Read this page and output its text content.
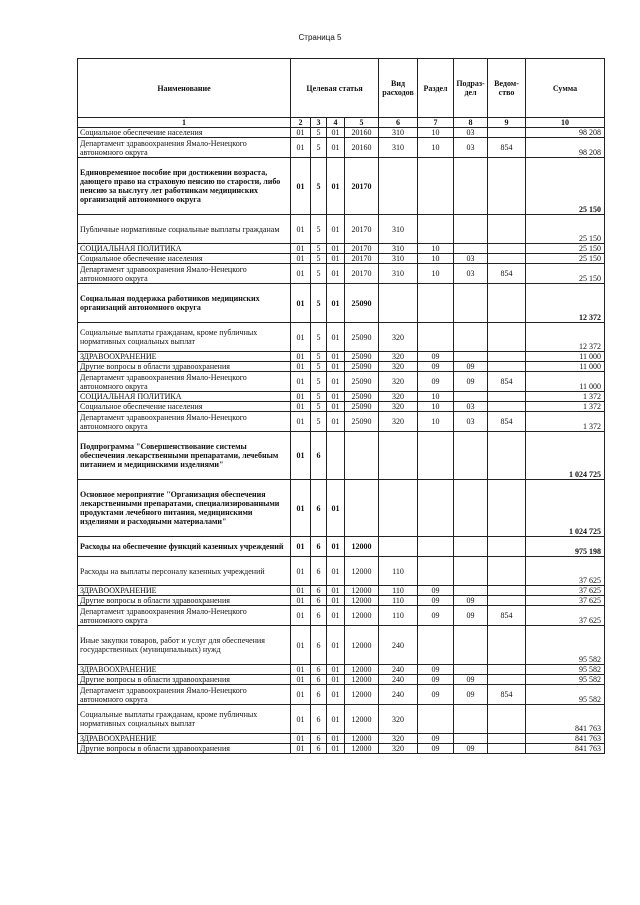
Страница 5
Наименование	Целевая статья				Вид расходов	Раздел	Подраз- дел	Ведом- ство	Сумма
1	2	3	4	5	6	7	8	9	10
Социальное обеспечение населения	01	5	01	20160	310	10	03		98 208
Департамент здравоохранения Ямало-Ненецкого автономного округа	01	5	01	20160	310	10	03	854	98 208
Единовременное пособие при достижении возраста, дающего право на страховую пенсию по старости, либо пенсию за выслугу лет работникам медицинских организаций автономного округа	01	5	01	20170					25 150
Публичные нормативные социальные выплаты гражданам	01	5	01	20170	310				25 150
СОЦИАЛЬНАЯ ПОЛИТИКА	01	5	01	20170	310	10			25 150
Социальное обеспечение населения	01	5	01	20170	310	10	03		25 150
Департамент здравоохранения Ямало-Ненецкого автономного округа	01	5	01	20170	310	10	03	854	25 150
Социальная поддержка работников медицинских организаций автономного округа	01	5	01	25090					12 372
Социальные выплаты гражданам, кроме публичных нормативных социальных выплат	01	5	01	25090	320				12 372
ЗДРАВООХРАНЕНИЕ	01	5	01	25090	320	09			11 000
Другие вопросы в области здравоохранения	01	5	01	25090	320	09	09		11 000
Департамент здравоохранения Ямало-Ненецкого автономного округа	01	5	01	25090	320	09	09	854	11 000
СОЦИАЛЬНАЯ ПОЛИТИКА	01	5	01	25090	320	10			1 372
Социальное обеспечение населения	01	5	01	25090	320	10	03		1 372
Департамент здравоохранения Ямало-Ненецкого автономного округа	01	5	01	25090	320	10	03	854	1 372
Подпрограмма "Совершенствование системы обеспечения лекарственными препаратами, лечебным питанием и медицинскими изделиями"	01	6							1 024 725
Основное мероприятие "Организация обеспечения лекарственными препаратами, специализированными продуктами лечебного питания, медицинскими изделиями и расходными материалами"	01	6	01						1 024 725
Расходы на обеспечение функций казенных учреждений	01	6	01	12000					975 198
Расходы на выплаты персоналу казенных учреждений	01	6	01	12000	110				37 625
ЗДРАВООХРАНЕНИЕ	01	6	01	12000	110	09			37 625
Другие вопросы в области здравоохранения	01	6	01	12000	110	09	09		37 625
Департамент здравоохранения Ямало-Ненецкого автономного округа	01	6	01	12000	110	09	09	854	37 625
Иные закупки товаров, работ и услуг для обеспечения государственных (муниципальных) нужд	01	6	01	12000	240				95 582
ЗДРАВООХРАНЕНИЕ	01	6	01	12000	240	09			95 582
Другие вопросы в области здравоохранения	01	6	01	12000	240	09	09		95 582
Департамент здравоохранения Ямало-Ненецкого автономного округа	01	6	01	12000	240	09	09	854	95 582
Социальные выплаты гражданам, кроме публичных нормативных социальных выплат	01	6	01	12000	320				841 763
ЗДРАВООХРАНЕНИЕ	01	6	01	12000	320	09			841 763
Другие вопросы в области здравоохранения	01	6	01	12000	320	09	09		841 763
